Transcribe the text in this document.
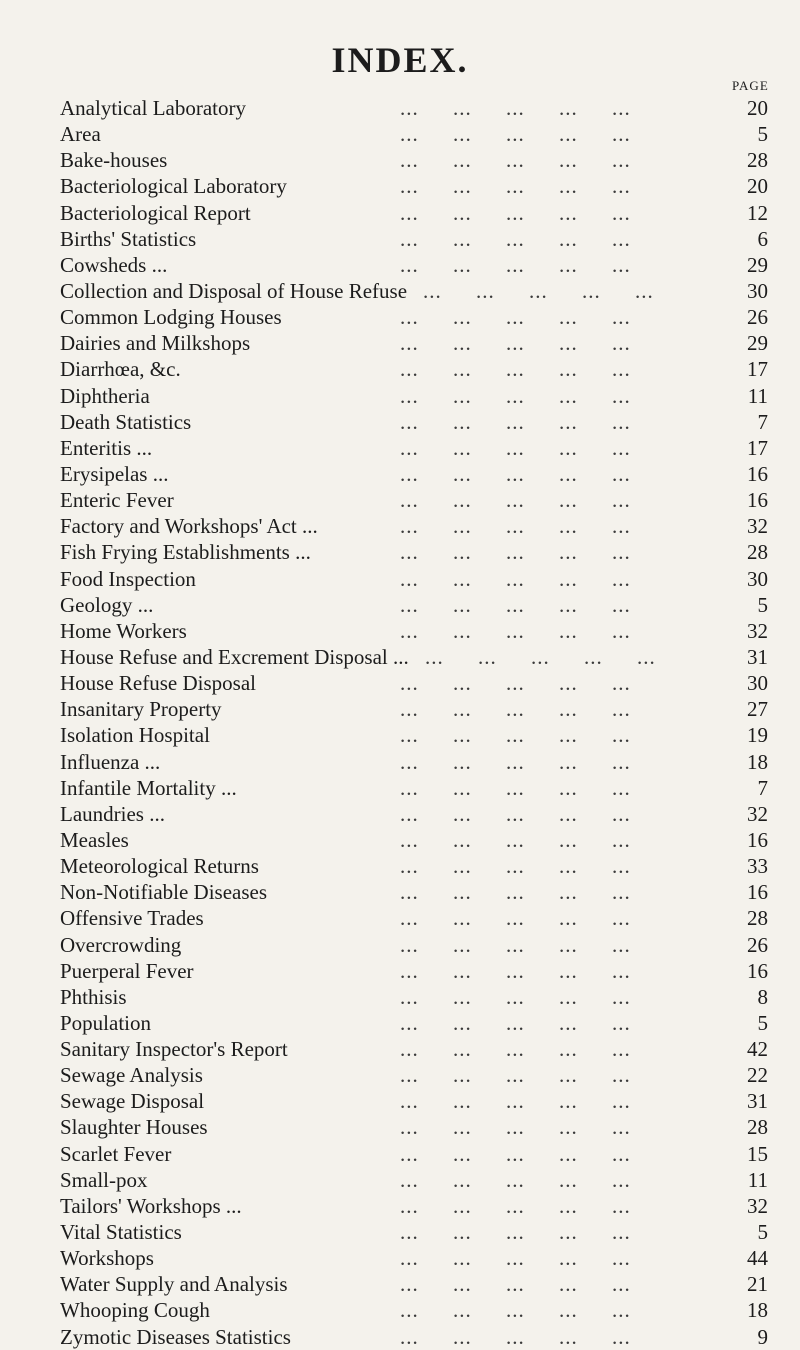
INDEX.
PAGE
Analytical Laboratory	... ... ... ... ...	20
Area	... ... ... ... ...	5
Bake-houses	... ... ... ... ...	28
Bacteriological Laboratory	... ... ... ... ...	20
Bacteriological Report	... ... ... ... ...	12
Births' Statistics	... ... ... ... ...	6
Cowsheds ...	... ... ... ... ...	29
Collection and Disposal of House Refuse ... ... ... ... ...	30
Common Lodging Houses	... ... ... ... ...	26
Dairies and Milkshops	... ... ... ... ...	29
Diarrhœa, &c.	... ... ... ... ...	17
Diphtheria	... ... ... ... ...	11
Death Statistics	... ... ... ... ...	7
Enteritis ...	... ... ... ... ...	17
Erysipelas ...	... ... ... ... ...	16
Enteric Fever	... ... ... ... ...	16
Factory and Workshops' Act ...	... ... ... ... ...	32
Fish Frying Establishments ...	... ... ... ... ...	28
Food Inspection	... ... ... ... ...	30
Geology ...	... ... ... ... ...	5
Home Workers	... ... ... ... ...	32
House Refuse and Excrement Disposal ... ... ... ... ... ...	31
House Refuse Disposal	... ... ... ... ...	30
Insanitary Property	... ... ... ... ...	27
Isolation Hospital	... ... ... ... ...	19
Influenza ...	... ... ... ... ...	18
Infantile Mortality ...	... ... ... ... ...	7
Laundries ...	... ... ... ... ...	32
Measles	... ... ... ... ...	16
Meteorological Returns	... ... ... ... ...	33
Non-Notifiable Diseases	... ... ... ... ...	16
Offensive Trades	... ... ... ... ...	28
Overcrowding	... ... ... ... ...	26
Puerperal Fever	... ... ... ... ...	16
Phthisis	... ... ... ... ...	8
Population	... ... ... ... ...	5
Sanitary Inspector's Report	... ... ... ... ...	42
Sewage Analysis	... ... ... ... ...	22
Sewage Disposal	... ... ... ... ...	31
Slaughter Houses	... ... ... ... ...	28
Scarlet Fever	... ... ... ... ...	15
Small-pox	... ... ... ... ...	11
Tailors' Workshops ...	... ... ... ... ...	32
Vital Statistics	... ... ... ... ...	5
Workshops	... ... ... ... ...	44
Water Supply and Analysis	... ... ... ... ...	21
Whooping Cough	... ... ... ... ...	18
Zymotic Diseases Statistics	... ... ... ... ...	9
